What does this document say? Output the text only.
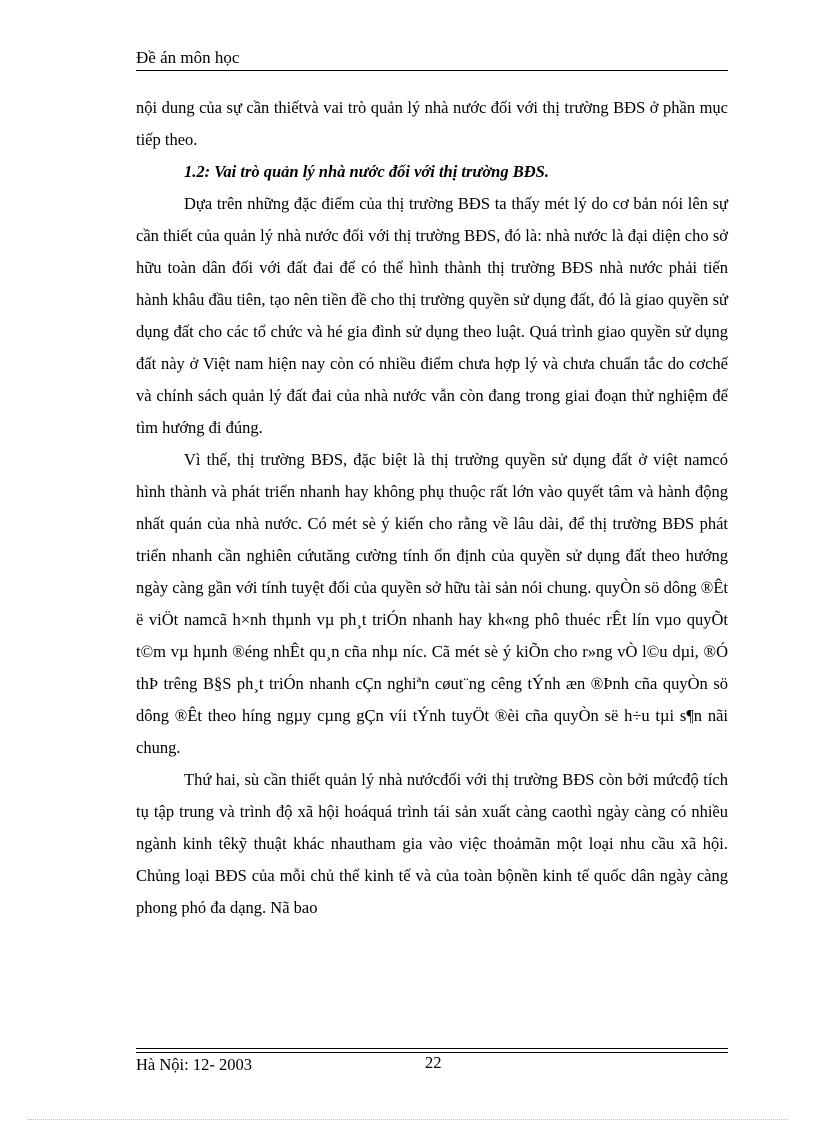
Đề án môn học

nội dung của sự cần thiếtvà vai trò quản lý nhà nước đối với thị trường BĐS ở phần mục tiếp theo.

1.2: Vai trò quản lý nhà nước đối với thị trường BĐS.

Dựa trên những đặc điểm của thị trường BĐS ta thấy mét lý do cơ bản nói lên sự cần thiết của quản lý nhà nước đối với thị trường BĐS, đó là: nhà nước là đại diện cho sở hữu toàn dân đối với đất đai để có thể hình thành thị trường BĐS nhà nước phải tiến hành khâu đầu tiên, tạo nên tiền đề cho thị trường quyền sử dụng đất, đó là giao quyền sử dụng đất cho các tổ chức và hé gia đình sử dụng theo luật. Quá trình giao quyền sử dụng đất này ở Việt nam hiện nay còn có nhiều điểm chưa hợp lý và chưa chuẩn tắc do cơchế và chính sách quản lý đất đai của nhà nước vẫn còn đang trong giai đoạn thử nghiệm để tìm hướng đi đúng.

Vì thế, thị trường BĐS, đặc biệt là thị trường quyền sử dụng đất ở việt namcó hình thành và phát triển nhanh hay không phụ thuộc rất lớn vào quyết tâm và hành động nhất quán của nhà nước. Có mét sè ý kiến cho rằng về lâu dài, để thị trường BĐS phát triển nhanh cần nghiên cứutăng cường tính ổn định của quyền sử dụng đất theo hướng ngày càng gần với tính tuyệt đối của quyền sở hữu tài sản nói chung. quyÒn sö dông ®Êt ë viÖt namcã h×nh thµnh vµ ph¸t triÓn nhanh hay kh«ng phô thuéc rÊt lín vµo quyÕt t©m vµ hµnh ®éng nhÊt qu¸n cña nhµ níc. Cã mét sè ý kiÕn cho r»ng vÒ l©u dµi, ®Ó thÞ trêng B§S ph¸t triÓn nhanh cÇn nghiªn cøut¨ng cêng tÝnh æn ®Þnh cña quyÒn sö dông ®Êt theo híng ngµy cµng gÇn víi tÝnh tuyÖt ®èi cña quyÒn së h÷u tµi s¶n nãi chung.

Thứ hai, sù cần thiết quản lý nhà nướcđối với thị trường BĐS còn bởi mứcđộ tích tụ tập trung và trình độ xã hội hoáquá trình tái sản xuất càng caothì ngày càng có nhiều ngành kinh têkỹ thuật khác nhautham gia vào việc thoảmãn một loại nhu cầu xã hội. Chủng loại BĐS của mỗi chủ thể kinh tế và của toàn bộnền kinh tế quốc dân ngày càng phong phó đa dạng. Nã bao

Hà Nội: 12- 2003	22
